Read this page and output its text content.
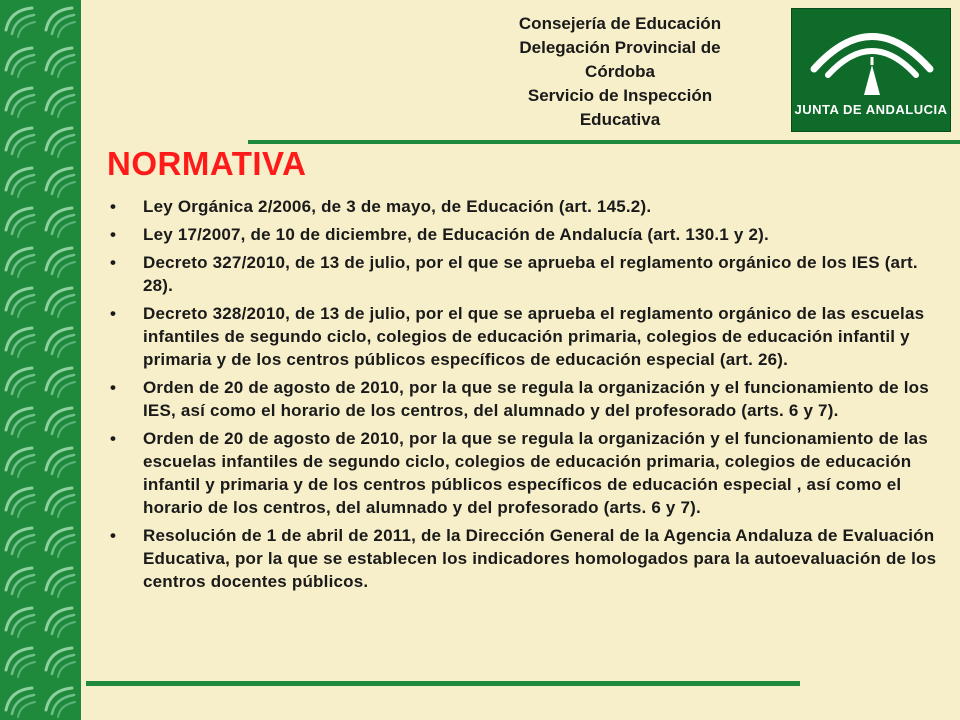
Consejería de Educación
Delegación Provincial de
Córdoba
Servicio de Inspección
Educativa
JUNTA DE ANDALUCIA
NORMATIVA
• Ley Orgánica 2/2006, de 3 de mayo, de Educación (art. 145.2).
• Ley 17/2007, de 10 de diciembre, de Educación de Andalucía (art. 130.1 y 2).
• Decreto 327/2010, de 13 de julio, por el que se aprueba el reglamento orgánico de los IES (art. 28).
• Decreto 328/2010, de 13 de julio, por el que se aprueba el reglamento orgánico de las escuelas infantiles de segundo ciclo, colegios de educación primaria, colegios de educación infantil y primaria y de los centros públicos específicos de educación especial (art. 26).
• Orden de 20 de agosto de 2010, por la que se regula la organización y el funcionamiento de los IES, así como el horario de los centros, del alumnado y del profesorado (arts. 6 y 7).
• Orden de 20 de agosto de 2010, por la que se regula la organización y el funcionamiento de las escuelas infantiles de segundo ciclo, colegios de educación primaria, colegios de educación infantil y primaria y de los centros públicos específicos de educación especial , así como el horario de los centros, del alumnado y del profesorado (arts. 6 y 7).
• Resolución de 1 de abril de 2011, de la Dirección General de la Agencia Andaluza de Evaluación Educativa, por la que se establecen los indicadores homologados para la autoevaluación de los centros docentes públicos.
